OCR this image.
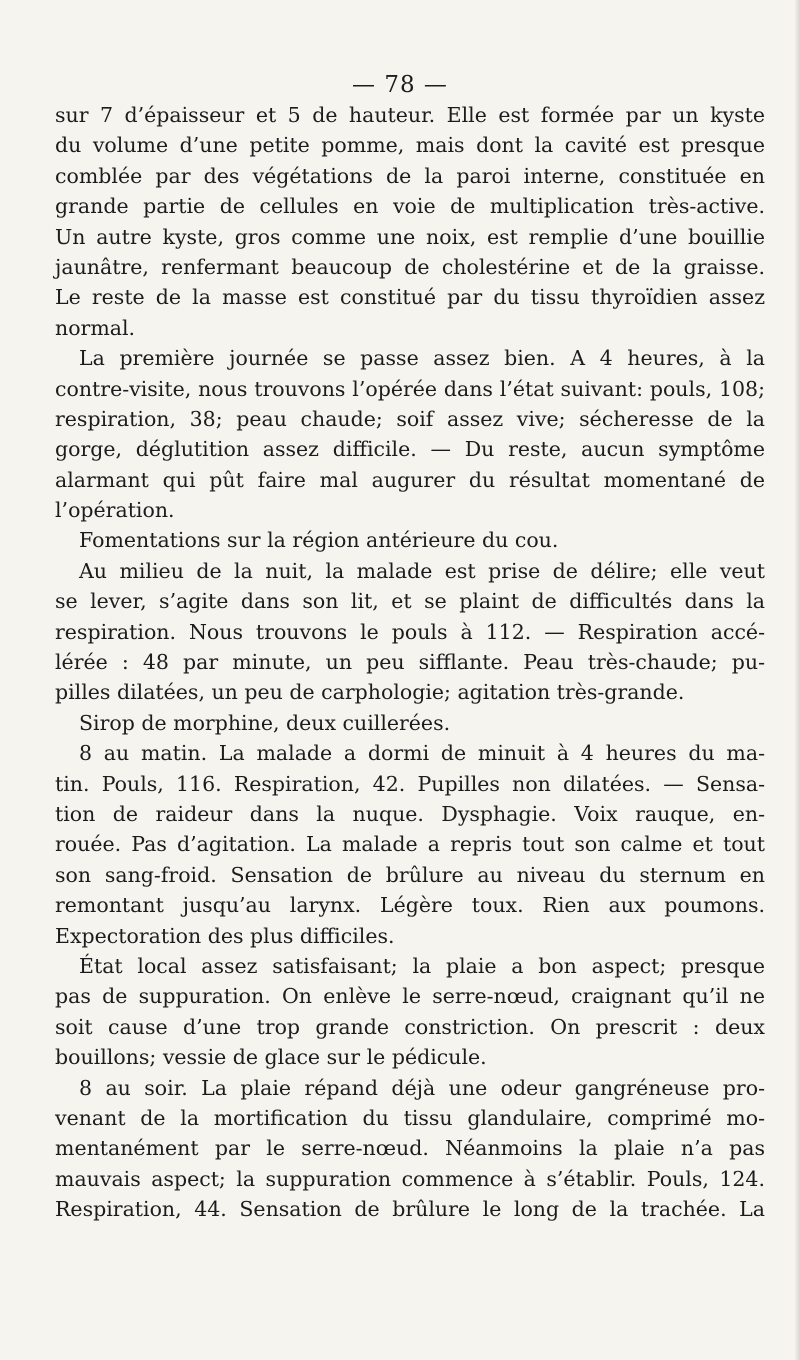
— 78 —
sur 7 d’épaisseur et 5 de hauteur. Elle est formée par un kyste
du volume d’une petite pomme, mais dont la cavité est presque
comblée par des végétations de la paroi interne, constituée en
grande partie de cellules en voie de multiplication très-active.
Un autre kyste, gros comme une noix, est remplie d’une bouillie
jaunâtre, renfermant beaucoup de cholestérine et de la graisse.
Le reste de la masse est constitué par du tissu thyroïdien assez
normal.
La première journée se passe assez bien. A 4 heures, à la
contre-visite, nous trouvons l’opérée dans l’état suivant: pouls, 108;
respiration, 38; peau chaude; soif assez vive; sécheresse de la
gorge, déglutition assez difficile. — Du reste, aucun symptôme
alarmant qui pût faire mal augurer du résultat momentané de
l’opération.
Fomentations sur la région antérieure du cou.
Au milieu de la nuit, la malade est prise de délire; elle veut
se lever, s’agite dans son lit, et se plaint de difficultés dans la
respiration. Nous trouvons le pouls à 112. — Respiration accé-
lérée : 48 par minute, un peu sifflante. Peau très-chaude; pu-
pilles dilatées, un peu de carphologie; agitation très-grande.
Sirop de morphine, deux cuillerées.
8 au matin. La malade a dormi de minuit à 4 heures du ma-
tin. Pouls, 116. Respiration, 42. Pupilles non dilatées. — Sensa-
tion de raideur dans la nuque. Dysphagie. Voix rauque, en-
rouée. Pas d’agitation. La malade a repris tout son calme et tout
son sang-froid. Sensation de brûlure au niveau du sternum en
remontant jusqu’au larynx. Légère toux. Rien aux poumons.
Expectoration des plus difficiles.
État local assez satisfaisant; la plaie a bon aspect; presque
pas de suppuration. On enlève le serre-nœud, craignant qu’il ne
soit cause d’une trop grande constriction. On prescrit : deux
bouillons; vessie de glace sur le pédicule.
8 au soir. La plaie répand déjà une odeur gangréneuse pro-
venant de la mortification du tissu glandulaire, comprimé mo-
mentanément par le serre-nœud. Néanmoins la plaie n’a pas
mauvais aspect; la suppuration commence à s’établir. Pouls, 124.
Respiration, 44. Sensation de brûlure le long de la trachée. La
